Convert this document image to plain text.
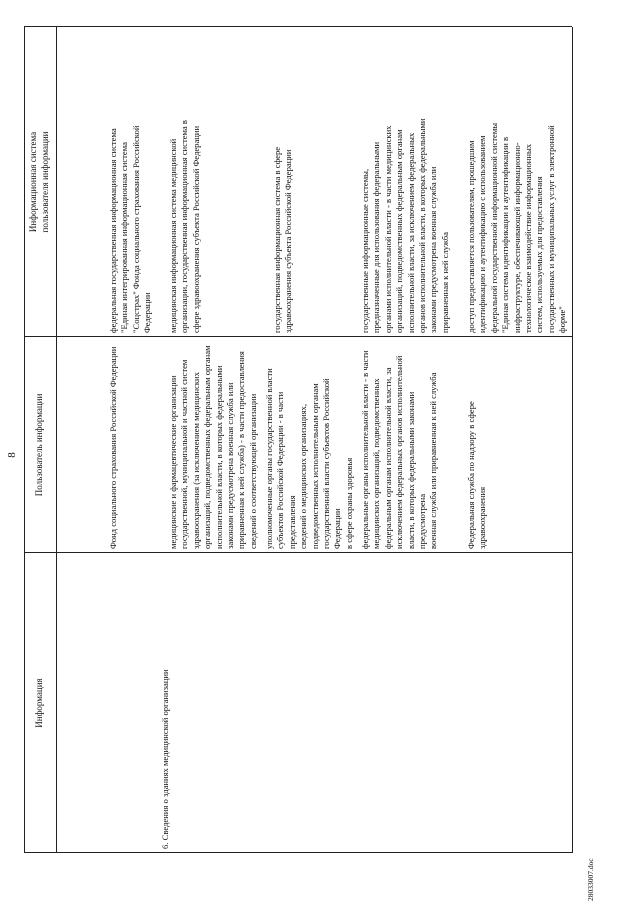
8
Информация
Пользователь информации
Информационная система
пользователя информации
6. Сведения о зданиях медицинской организации
Фонд социального страхования Российской Федерации
федеральная государственная информационная система
"Единая интегрированная информационная система
"Соцстрах" Фонда социального страхования Российской
Федерации
медицинские и фармацевтические организации
государственной, муниципальной и частной систем
здравоохранения (за исключением медицинских
организаций, подведомственных федеральным органам
исполнительной власти, в которых федеральными
законами предусмотрена военная служба или
приравненная к ней служба) - в части предоставления
сведений о соответствующей организации
медицинская информационная система медицинской
организации, государственная информационная система в
сфере здравоохранения субъекта Российской Федерации
уполномоченные органы государственной власти
субъектов Российской Федерации - в части представления
сведений о медицинских организациях,
подведомственных исполнительным органам
государственной власти субъектов Российской Федерации
в сфере охраны здоровья
государственная информационная система в сфере
здравоохранения субъекта Российской Федерации
федеральные органы исполнительной власти - в части
медицинских организаций, подведомственных
федеральным органам исполнительной власти, за
исключением федеральных органов исполнительной
власти, в которых федеральными законами предусмотрена
военная служба или приравненная к ней служба
государственные информационные системы,
предназначенные для использования федеральными
органами исполнительной власти - в части медицинских
организаций, подведомственных федеральным органам
исполнительной власти, за исключением федеральных
органов исполнительной власти, в которых федеральными
законами предусмотрена военная служба или
приравненная к ней служба
Федеральная служба по надзору в сфере здравоохранения
доступ предоставляется пользователям, прошедшим
идентификацию и аутентификацию с использованием
федеральной государственной информационной системы
"Единая система идентификации и аутентификации в
инфраструктуре, обеспечивающей информационно-
технологическое взаимодействие информационных
систем, используемых для предоставления
государственных и муниципальных услуг в электронной
форме"
28033007.doc
